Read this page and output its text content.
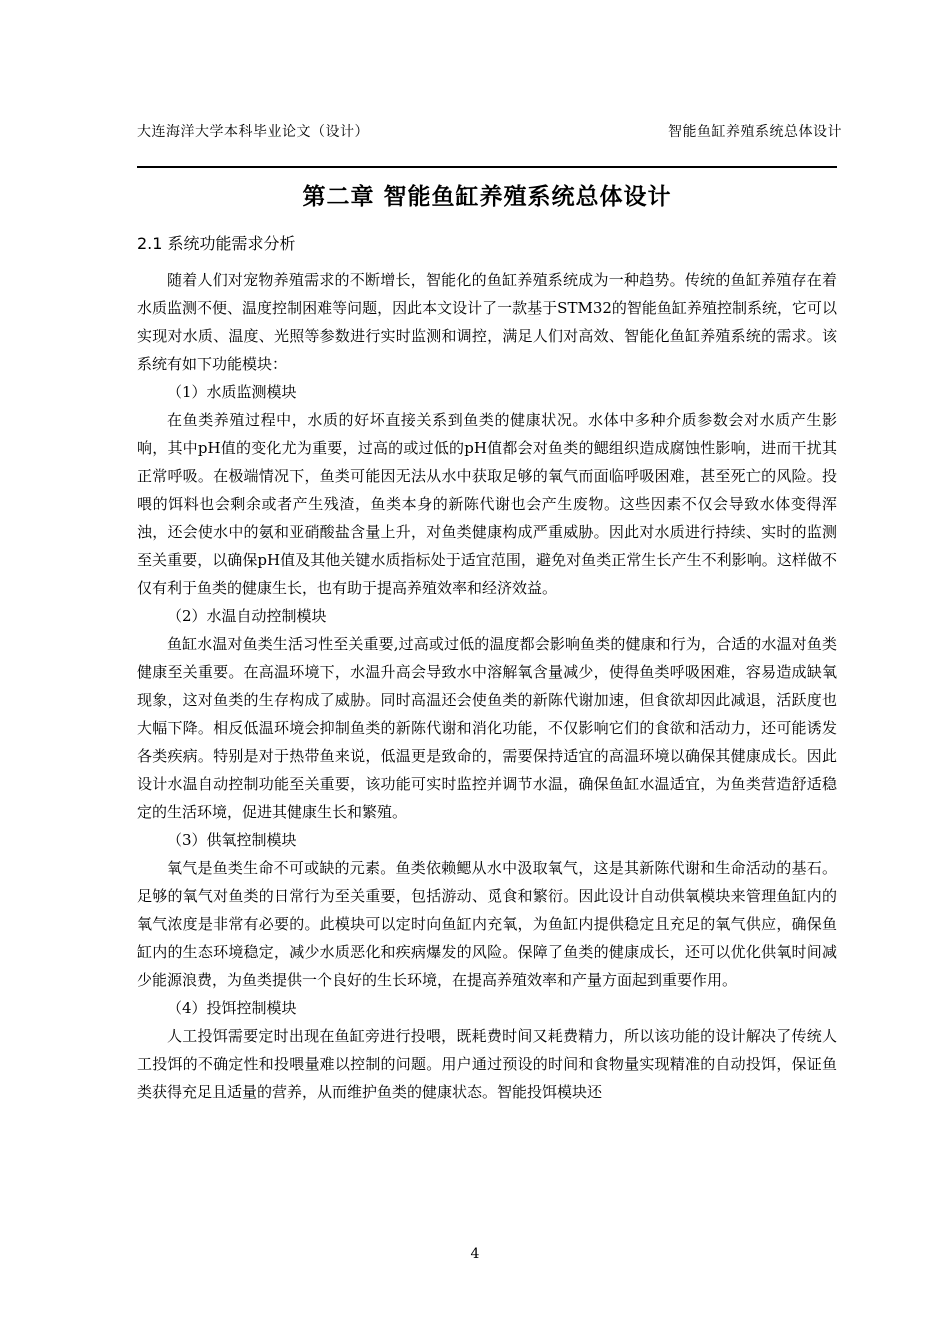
大连海洋大学本科毕业论文（设计）	智能鱼缸养殖系统总体设计
第二章 智能鱼缸养殖系统总体设计
2.1 系统功能需求分析

随着人们对宠物养殖需求的不断增长，智能化的鱼缸养殖系统成为一种趋势。传统的鱼缸养殖存在着水质监测不便、温度控制困难等问题，因此本文设计了一款基于STM32的智能鱼缸养殖控制系统，它可以实现对水质、温度、光照等参数进行实时监测和调控，满足人们对高效、智能化鱼缸养殖系统的需求。该系统有如下功能模块：

（1）水质监测模块

在鱼类养殖过程中，水质的好坏直接关系到鱼类的健康状况。水体中多种介质参数会对水质产生影响，其中pH值的变化尤为重要，过高的或过低的pH值都会对鱼类的鳃组织造成腐蚀性影响，进而干扰其正常呼吸。在极端情况下，鱼类可能因无法从水中获取足够的氧气而面临呼吸困难，甚至死亡的风险。投喂的饵料也会剩余或者产生残渣，鱼类本身的新陈代谢也会产生废物。这些因素不仅会导致水体变得浑浊，还会使水中的氨和亚硝酸盐含量上升，对鱼类健康构成严重威胁。因此对水质进行持续、实时的监测至关重要，以确保pH值及其他关键水质指标处于适宜范围，避免对鱼类正常生长产生不利影响。这样做不仅有利于鱼类的健康生长，也有助于提高养殖效率和经济效益。

（2）水温自动控制模块

鱼缸水温对鱼类生活习性至关重要,过高或过低的温度都会影响鱼类的健康和行为，合适的水温对鱼类健康至关重要。在高温环境下，水温升高会导致水中溶解氧含量减少，使得鱼类呼吸困难，容易造成缺氧现象，这对鱼类的生存构成了威胁。同时高温还会使鱼类的新陈代谢加速，但食欲却因此减退，活跃度也大幅下降。相反低温环境会抑制鱼类的新陈代谢和消化功能，不仅影响它们的食欲和活动力，还可能诱发各类疾病。特别是对于热带鱼来说，低温更是致命的，需要保持适宜的高温环境以确保其健康成长。因此设计水温自动控制功能至关重要，该功能可实时监控并调节水温，确保鱼缸水温适宜，为鱼类营造舒适稳定的生活环境，促进其健康生长和繁殖。

（3）供氧控制模块

氧气是鱼类生命不可或缺的元素。鱼类依赖鳃从水中汲取氧气，这是其新陈代谢和生命活动的基石。足够的氧气对鱼类的日常行为至关重要，包括游动、觅食和繁衍。因此设计自动供氧模块来管理鱼缸内的氧气浓度是非常有必要的。此模块可以定时向鱼缸内充氧，为鱼缸内提供稳定且充足的氧气供应，确保鱼缸内的生态环境稳定，减少水质恶化和疾病爆发的风险。保障了鱼类的健康成长，还可以优化供氧时间减少能源浪费，为鱼类提供一个良好的生长环境，在提高养殖效率和产量方面起到重要作用。

（4）投饵控制模块

人工投饵需要定时出现在鱼缸旁进行投喂，既耗费时间又耗费精力，所以该功能的设计解决了传统人工投饵的不确定性和投喂量难以控制的问题。用户通过预设的时间和食物量实现精准的自动投饵，保证鱼类获得充足且适量的营养，从而维护鱼类的健康状态。智能投饵模块还

4
